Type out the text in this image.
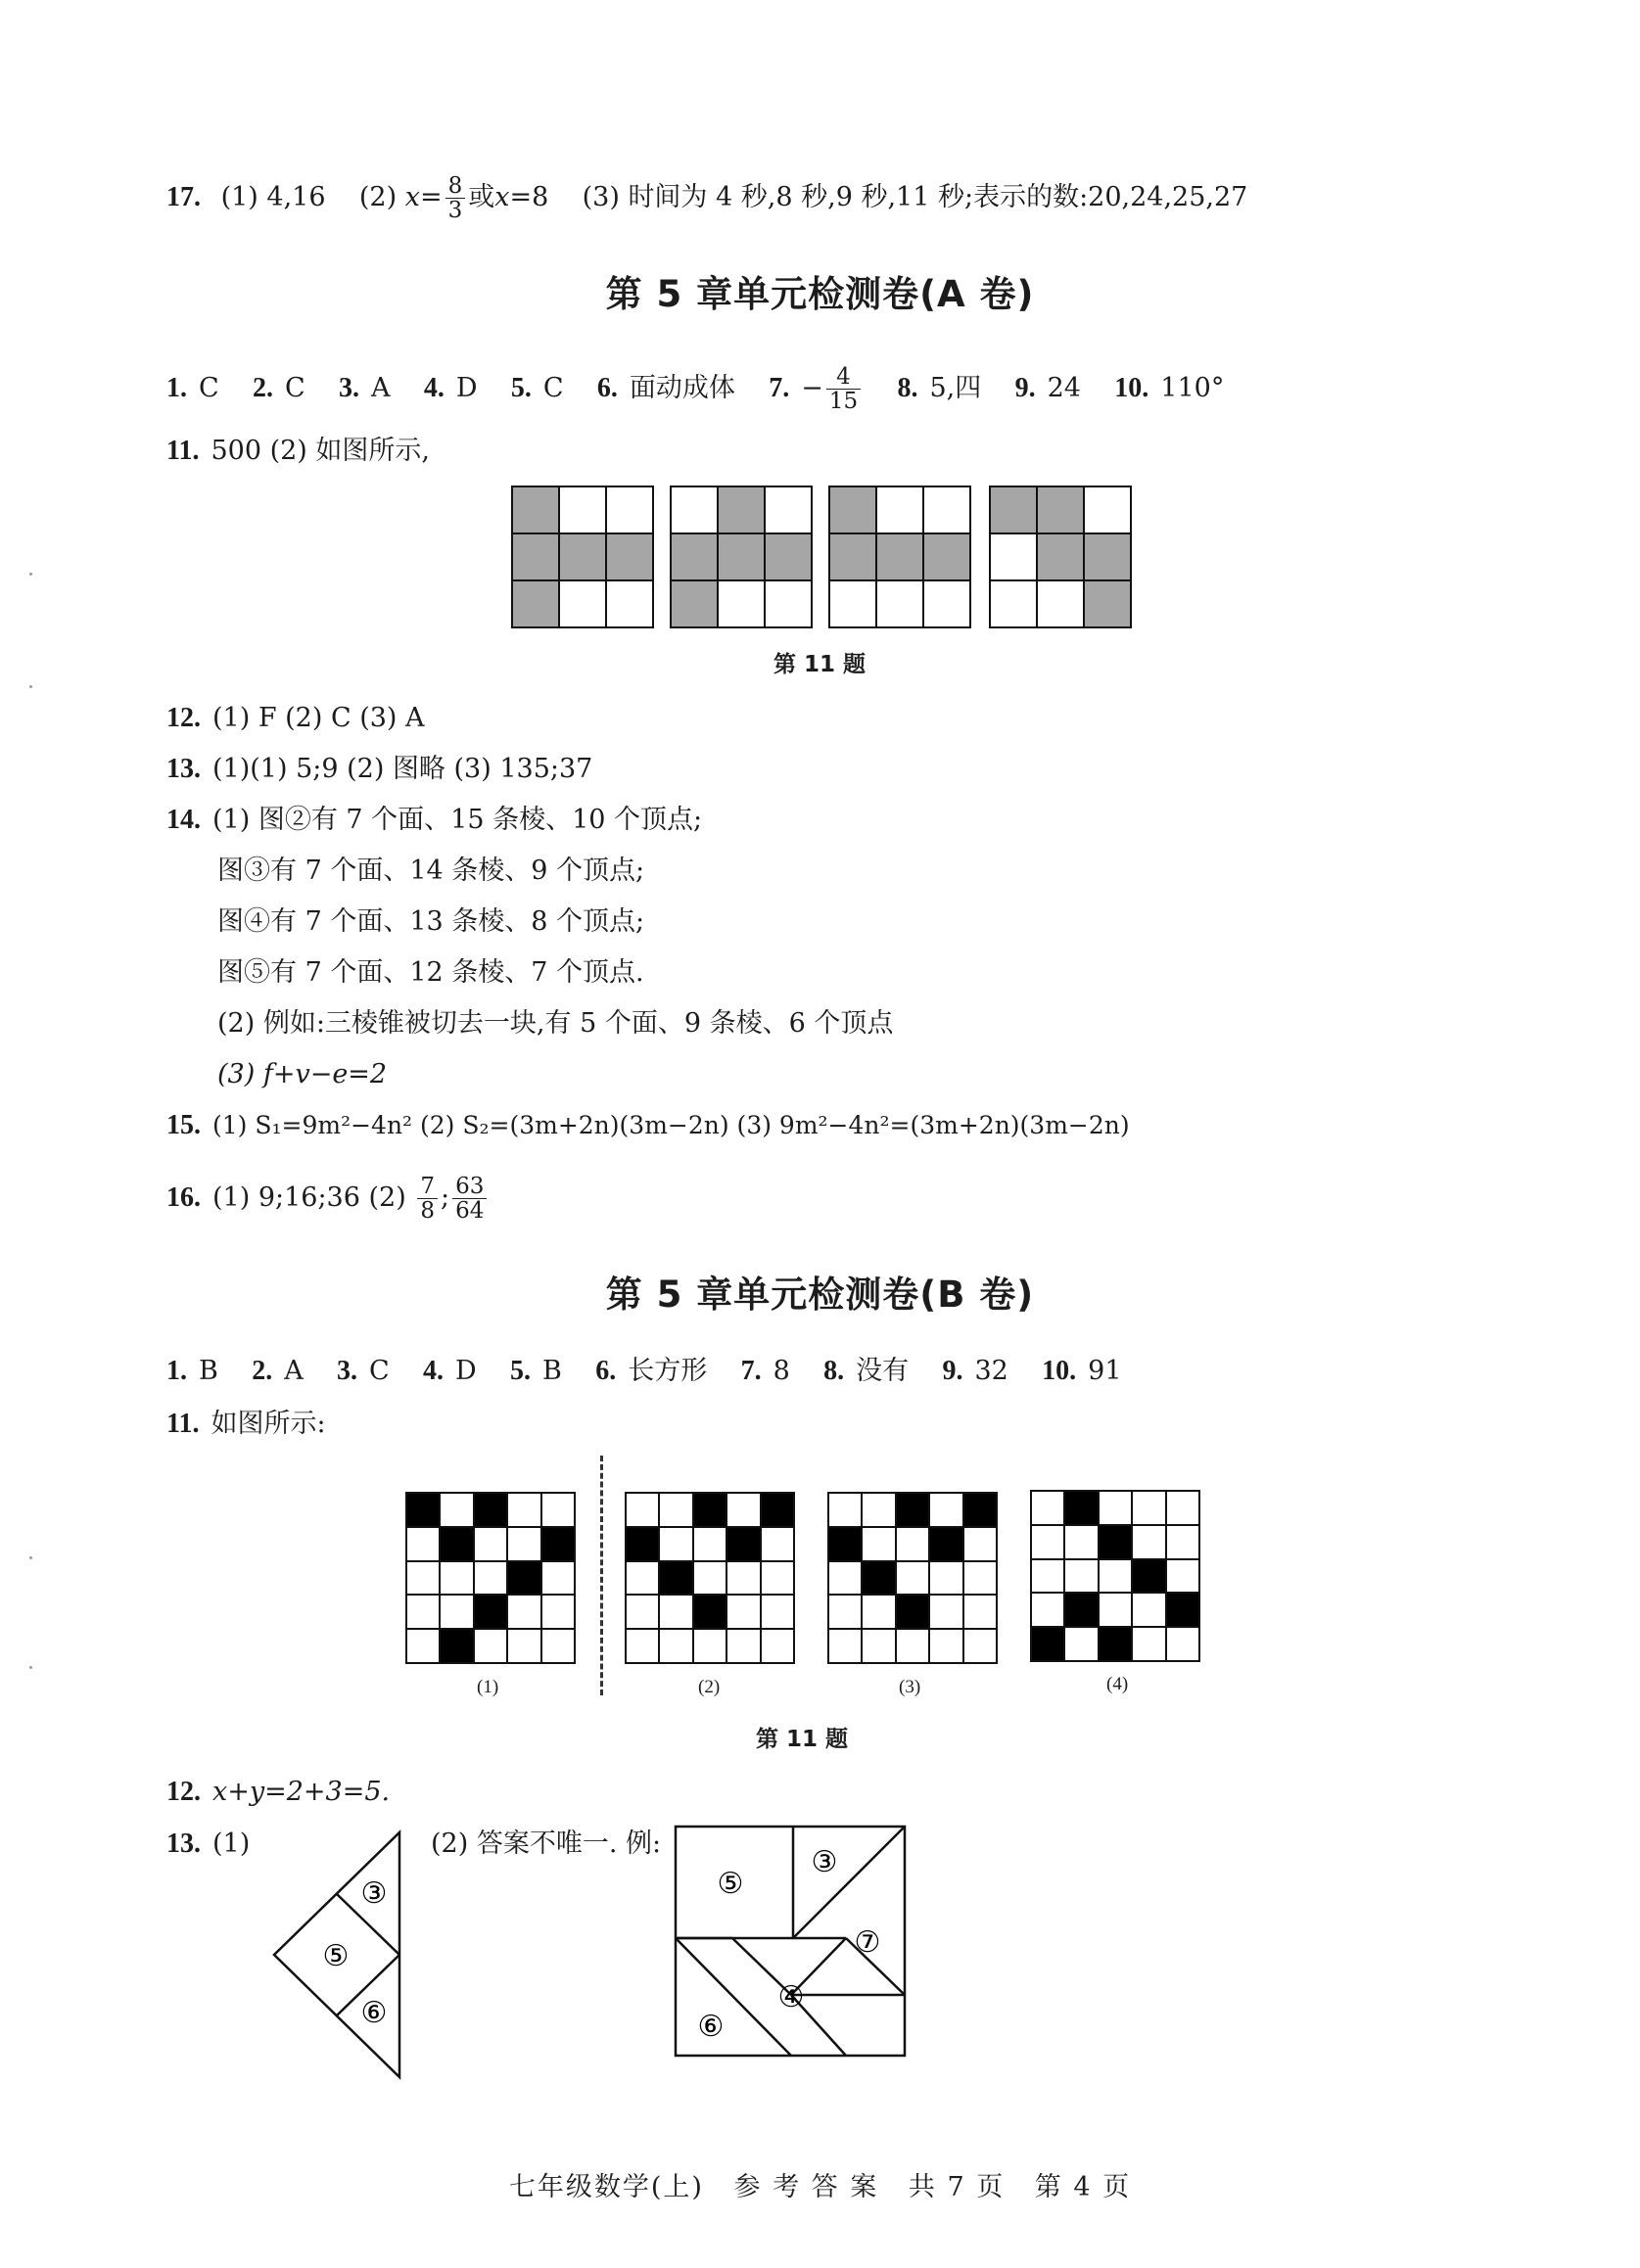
17. (1) 4,16 (2) $x= \frac{8}{3}$ 或x=8 (3) 时间为 4 秒,8 秒,9 秒,11 秒;表示的数:20,24,25,27
第 5 章单元检测卷(A 卷)
1. C 2. C 3. A 4. D 5. C 6. 面动成体 7. − $\frac{4}{15} 8$. 5,四 9. 24 10. 110°
11. 500 (2) 如图所示,
第 11 题
12. (1) F (2) C (3) A
13. (1)(1) 5;9 (2) 图略 (3) 135;37
14. (1) 图②有 7 个面、15 条棱、10 个顶点;
图③有 7 个面、14 条棱、9 个顶点;
图④有 7 个面、13 条棱、8 个顶点;
图⑤有 7 个面、12 条棱、7 个顶点.
(2) 例如:三棱锥被切去一块,有 5 个面、9 条棱、6 个顶点
(3) f+v−e=2
15. (1) S₁=9m²−4n² (2) S₂=(3m+2n)(3m−2n) (3) 9m²−4n²=(3m+2n)(3m−2n)
16. (1) 9;16;36 $(2) \frac{7}{8}$ ; $\frac{63}{64}$
第 5 章单元检测卷(B 卷)
1. B 2. A 3. C 4. D 5. B 6. 长方形 7. 8 8. 没有 9. 32 10. 91
11. 如图所示:
(1)	(2)	(3)	(4)
第 11 题
12. x+y=2+3=5.
13. (1)	(2) 答案不唯一. 例:
③
⑤
⑥
⑤
③
⑦
④
⑥
七年级数学(上) 参 考 答 案 共 7 页 第 4 页
